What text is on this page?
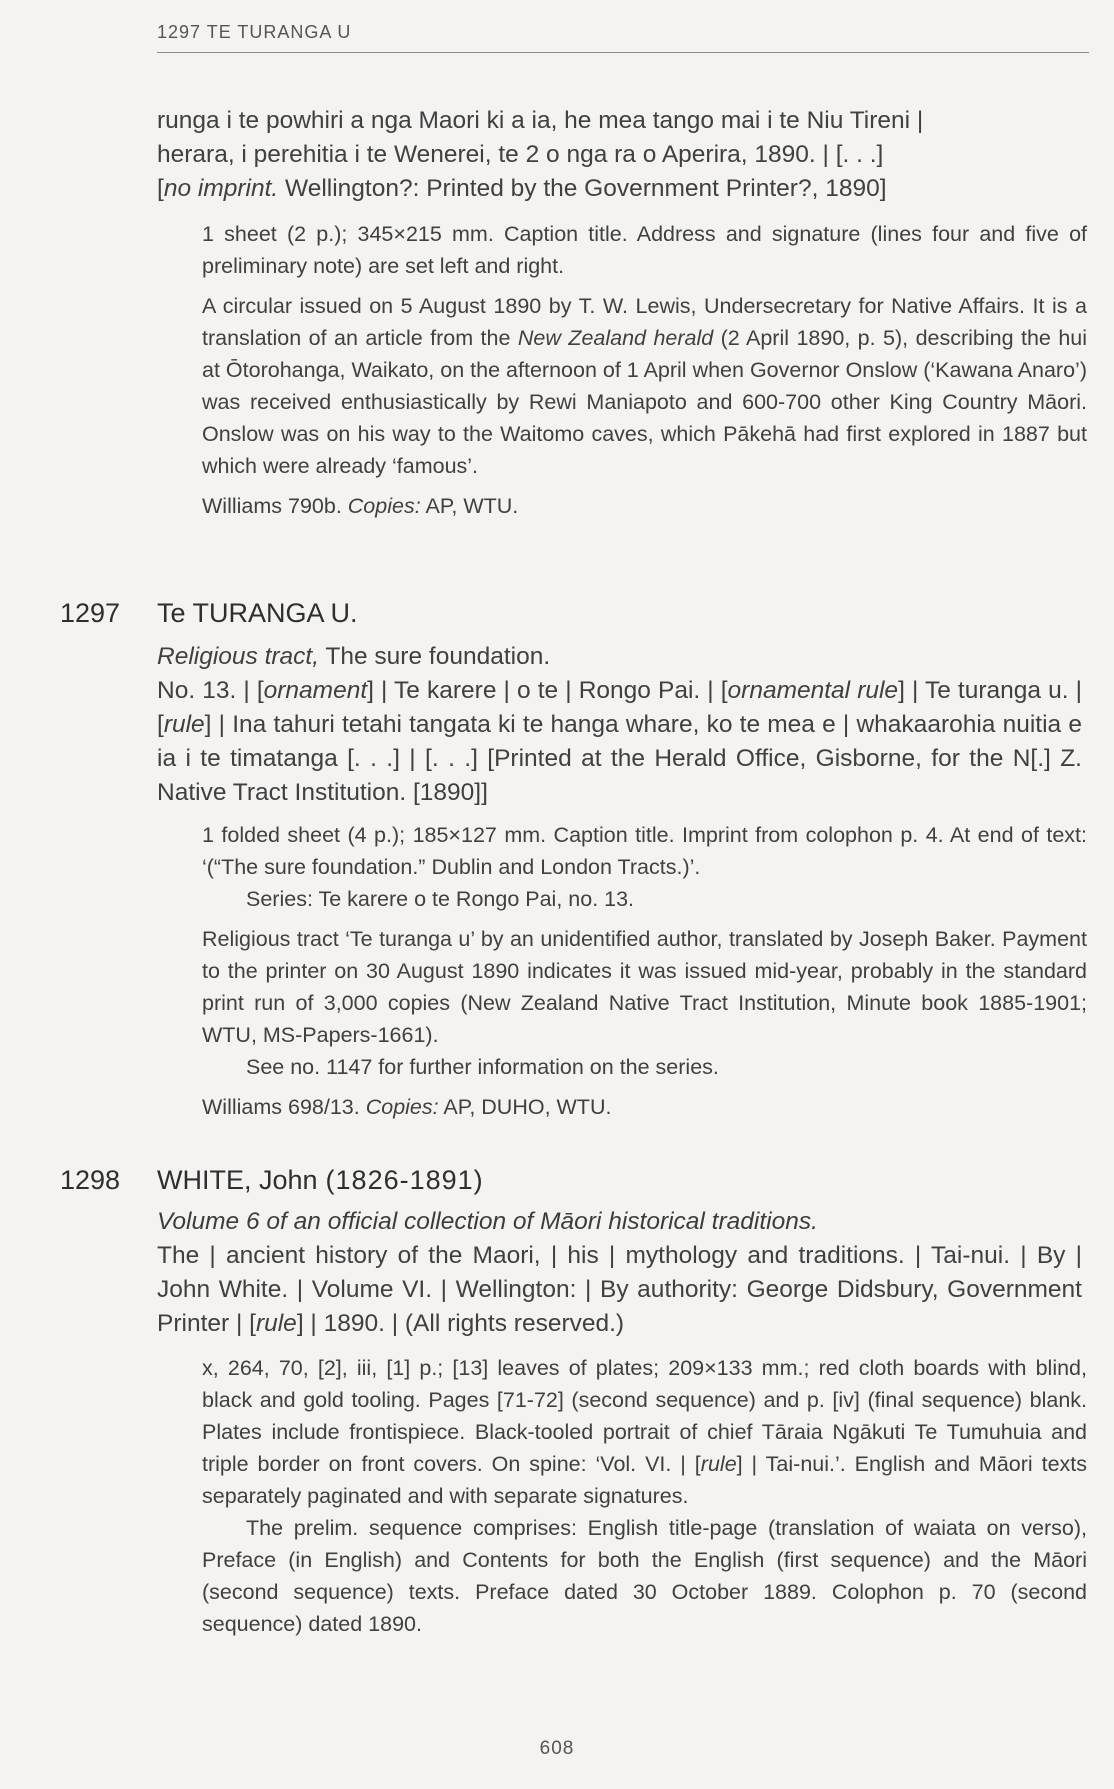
1297 TE TURANGA U

runga i te powhiri a nga Maori ki a ia, he mea tango mai i te Niu Tireni |

herara, i perehitia i te Wenerei, te 2 o nga ra o Aperira, 1890. | [. . .]

[no imprint. Wellington?: Printed by the Government Printer?, 1890]

1 sheet (2 p.); 345×215 mm. Caption title. Address and signature (lines four and five of preliminary note) are set left and right.

A circular issued on 5 August 1890 by T. W. Lewis, Undersecretary for Native Affairs. It is a translation of an article from the New Zealand herald (2 April 1890, p. 5), describing the hui at Ōtorohanga, Waikato, on the afternoon of 1 April when Governor Onslow (‘Kawana Anaro’) was received enthusiastically by Rewi Maniapoto and 600-700 other King Country Māori. Onslow was on his way to the Waitomo caves, which Pākehā had first explored in 1887 but which were already ‘famous’.

Williams 790b. Copies: AP, WTU.

1297 Te TURANGA U.

Religious tract, The sure foundation.

No. 13. | [ornament] | Te karere | o te | Rongo Pai. | [ornamental rule] | Te turanga u. | [rule] | Ina tahuri tetahi tangata ki te hanga whare, ko te mea e | whakaarohia nuitia e ia i te timatanga [. . .] | [. . .] [Printed at the Herald Office, Gisborne, for the N[.] Z. Native Tract Institution. [1890]]

1 folded sheet (4 p.); 185×127 mm. Caption title. Imprint from colophon p. 4. At end of text: ‘(“The sure foundation.” Dublin and London Tracts.)’.

Series: Te karere o te Rongo Pai, no. 13.

Religious tract ‘Te turanga u’ by an unidentified author, translated by Joseph Baker. Payment to the printer on 30 August 1890 indicates it was issued mid-year, probably in the standard print run of 3,000 copies (New Zealand Native Tract Institution, Minute book 1885-1901; WTU, MS-Papers-1661).

See no. 1147 for further information on the series.

Williams 698/13. Copies: AP, DUHO, WTU.

1298 WHITE, John (1826-1891)

Volume 6 of an official collection of Māori historical traditions.

The | ancient history of the Maori, | his | mythology and traditions. | Tai-nui. | By | John White. | Volume VI. | Wellington: | By authority: George Didsbury, Government Printer | [rule] | 1890. | (All rights reserved.)

x, 264, 70, [2], iii, [1] p.; [13] leaves of plates; 209×133 mm.; red cloth boards with blind, black and gold tooling. Pages [71-72] (second sequence) and p. [iv] (final sequence) blank. Plates include frontispiece. Black-tooled portrait of chief Tāraia Ngākuti Te Tumuhuia and triple border on front covers. On spine: ‘Vol. VI. | [rule] | Tai-nui.’. English and Māori texts separately paginated and with separate signatures.

The prelim. sequence comprises: English title-page (translation of waiata on verso), Preface (in English) and Contents for both the English (first sequence) and the Māori (second sequence) texts. Preface dated 30 October 1889. Colophon p. 70 (second sequence) dated 1890.

608
